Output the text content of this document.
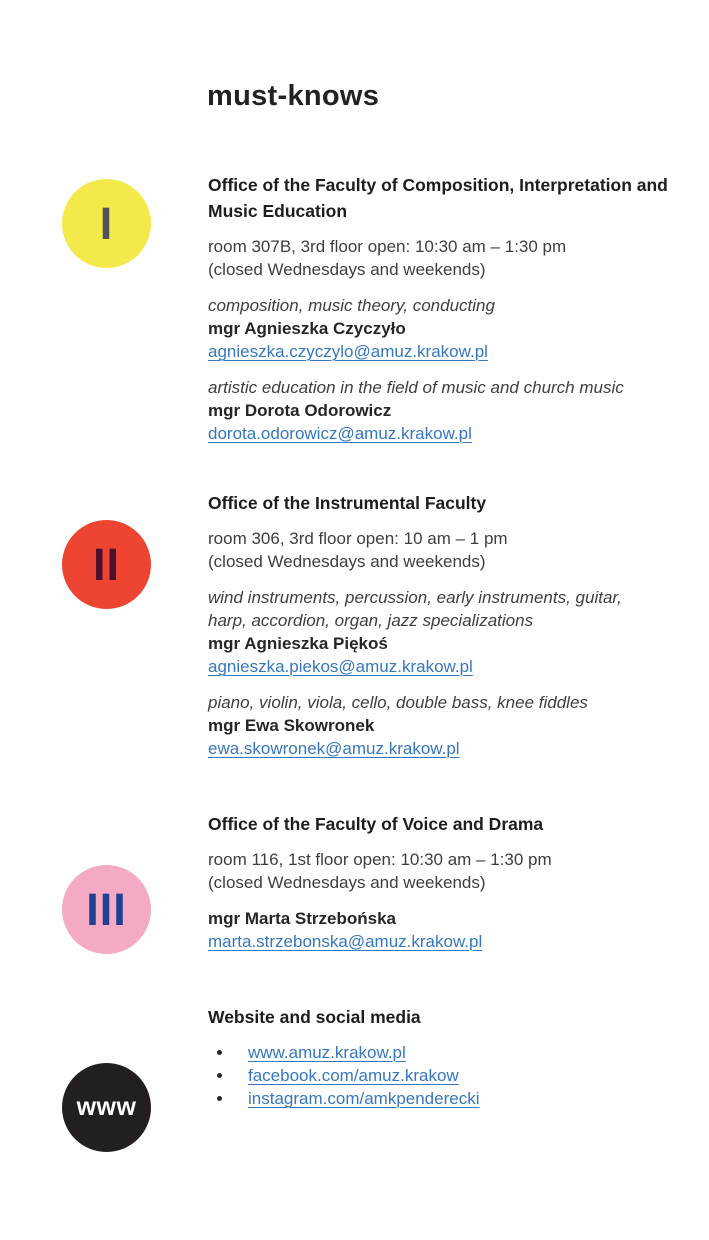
must-knows
I
II
III
www
Office of the Faculty of Composition, Interpretation and Music Education

room 307B, 3rd floor open: 10:30 am – 1:30 pm
(closed Wednesdays and weekends)

composition, music theory, conducting
mgr Agnieszka Czyczyło
agnieszka.czyczylo@amuz.krakow.pl
artistic education in the field of music and church music
mgr Dorota Odorowicz
dorota.odorowicz@amuz.krakow.pl
Office of the Instrumental Faculty

room 306, 3rd floor open: 10 am – 1 pm
(closed Wednesdays and weekends)

wind instruments, percussion, early instruments, guitar, harp, accordion, organ, jazz specializations
mgr Agnieszka Piękoś
agnieszka.piekos@amuz.krakow.pl
piano, violin, viola, cello, double bass, knee fiddles
mgr Ewa Skowronek
ewa.skowronek@amuz.krakow.pl
Office of the Faculty of Voice and Drama

room 116, 1st floor open: 10:30 am – 1:30 pm
(closed Wednesdays and weekends)

mgr Marta Strzebońska
marta.strzebonska@amuz.krakow.pl
Website and social media
www.amuz.krakow.pl
facebook.com/amuz.krakow
instagram.com/amkpenderecki
